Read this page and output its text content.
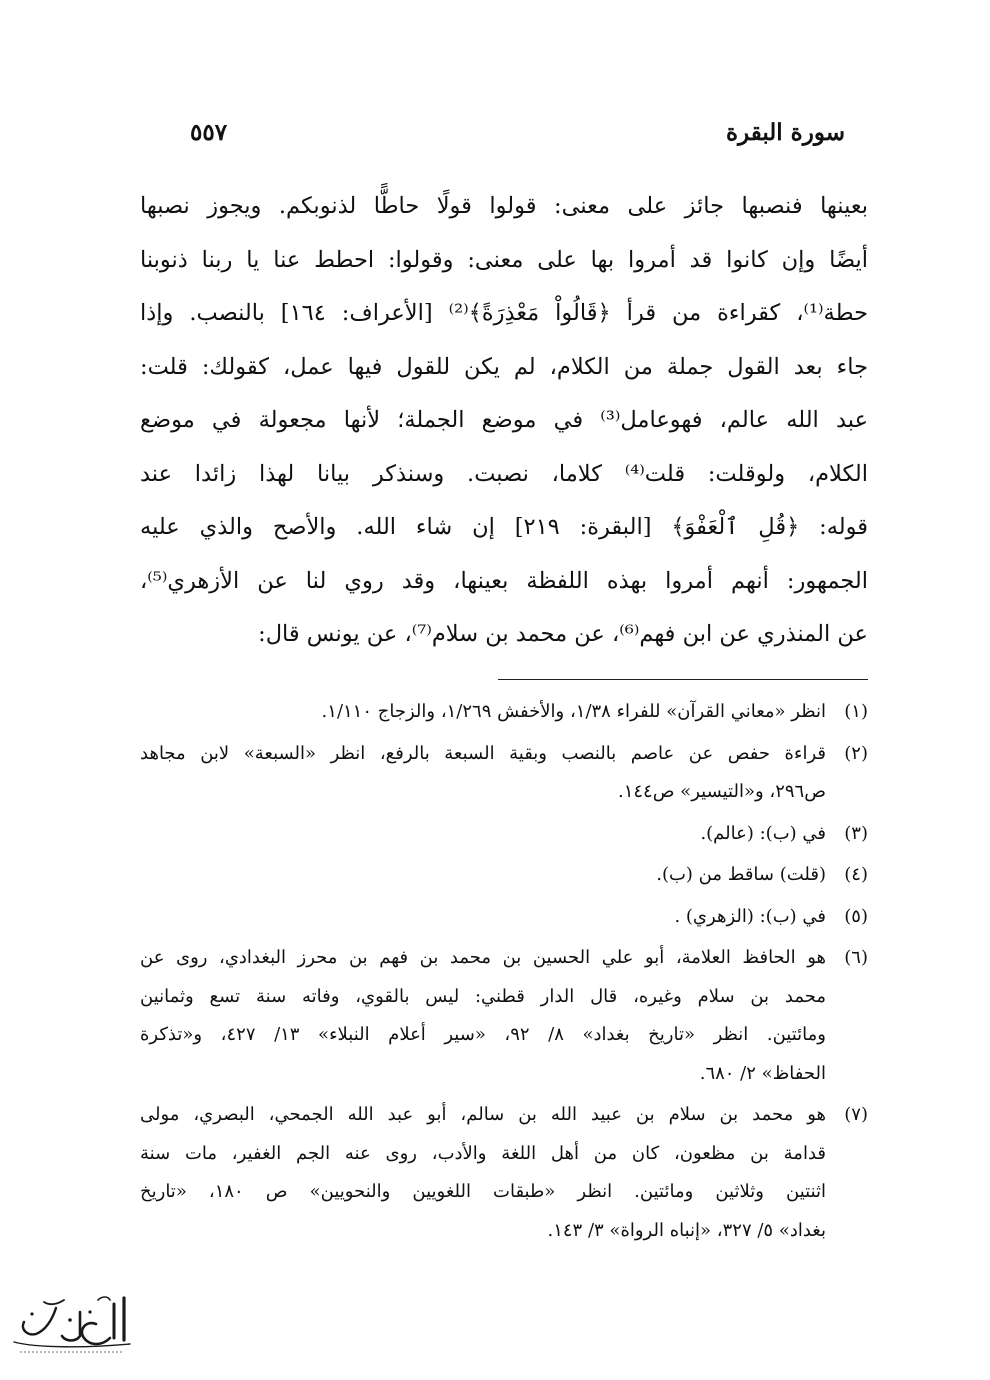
سورة البقرة
٥٥٧
بعينها فنصبها جائز على معنى: قولوا قولًا حاطًّا لذنوبكم. ويجوز نصبها
أيضًا وإن كانوا قد أمروا بها على معنى: وقولوا: احطط عنا يا ربنا ذنوبنا
حطة⁽¹⁾، كقراءة من قرأ ﴿قَالُواْ مَعْذِرَةً﴾⁽²⁾ [الأعراف: ١٦٤] بالنصب. وإذا
جاء بعد القول جملة من الكلام، لم يكن للقول فيها عمل، كقولك: قلت:
عبد الله عالم، فهوعامل⁽³⁾ في موضع الجملة؛ لأنها مجعولة في موضع
الكلام، ولوقلت: قلت⁽⁴⁾ كلاما، نصبت. وسنذكر بيانا لهذا زائدا عند
قوله: ﴿قُلِ ٱلْعَفْوَ﴾ [البقرة: ٢١٩] إن شاء الله. والأصح والذي عليه
الجمهور: أنهم أمروا بهذه اللفظة بعينها، وقد روي لنا عن الأزهري⁽⁵⁾،
عن المنذري عن ابن فهم⁽⁶⁾، عن محمد بن سلام⁽⁷⁾، عن يونس قال:
(١)
انظر «معاني القرآن» للفراء ١/٣٨، والأخفش ١/٢٦٩، والزجاج ١/١١٠.
(٢)
قراءة حفص عن عاصم بالنصب وبقية السبعة بالرفع، انظر «السبعة» لابن مجاهد
ص٢٩٦، و«التيسير» ص١٤٤.
(٣)
في (ب): (عالم).
(٤)
(قلت) ساقط من (ب).
(٥)
في (ب): (الزهري) .
(٦)
هو الحافظ العلامة، أبو علي الحسين بن محمد بن فهم بن محرز البغدادي، روى عن
محمد بن سلام وغيره، قال الدار قطني: ليس بالقوي، وفاته سنة تسع وثمانين
ومائتين. انظر «تاريخ بغداد» ٨/ ٩٢، «سير أعلام النبلاء» ١٣/ ٤٢٧، و«تذكرة
الحفاظ» ٢/ ٦٨٠.
(٧)
هو محمد بن سلام بن عبيد الله بن سالم، أبو عبد الله الجمحي، البصري، مولى
قدامة بن مظعون، كان من أهل اللغة والأدب، روى عنه الجم الغفير، مات سنة
اثنتين وثلاثين ومائتين. انظر «طبقات اللغويين والنحويين» ص ١٨٠، «تاريخ
بغداد» ٥/ ٣٢٧، «إنباه الرواة» ٣/ ١٤٣.
